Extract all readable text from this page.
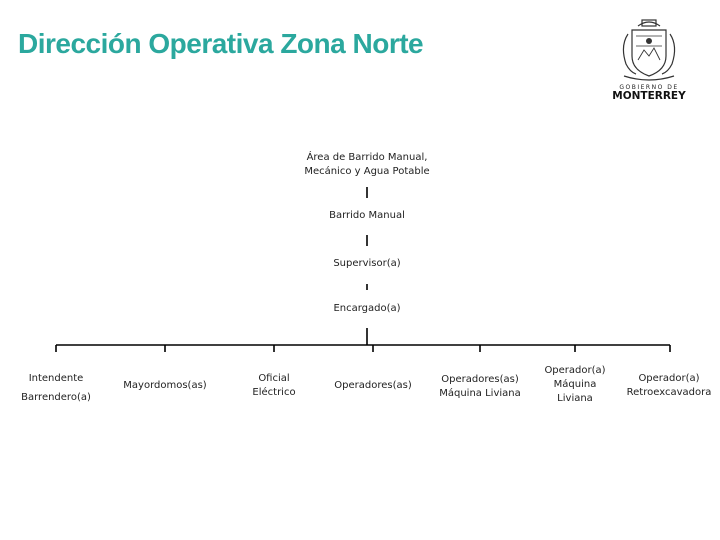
Dirección Operativa Zona Norte
GOBIERNO DE
MONTERREY
Área de Barrido Manual,
Mecánico y Agua Potable
Barrido Manual
Supervisor(a)
Encargado(a)
Intendente
Barrendero(a)
Mayordomos(as)
Oficial
Eléctrico
Operadores(as)
Operadores(as)
Máquina Liviana
Operador(a)
Máquina
Liviana
Operador(a)
Retroexcavadora
